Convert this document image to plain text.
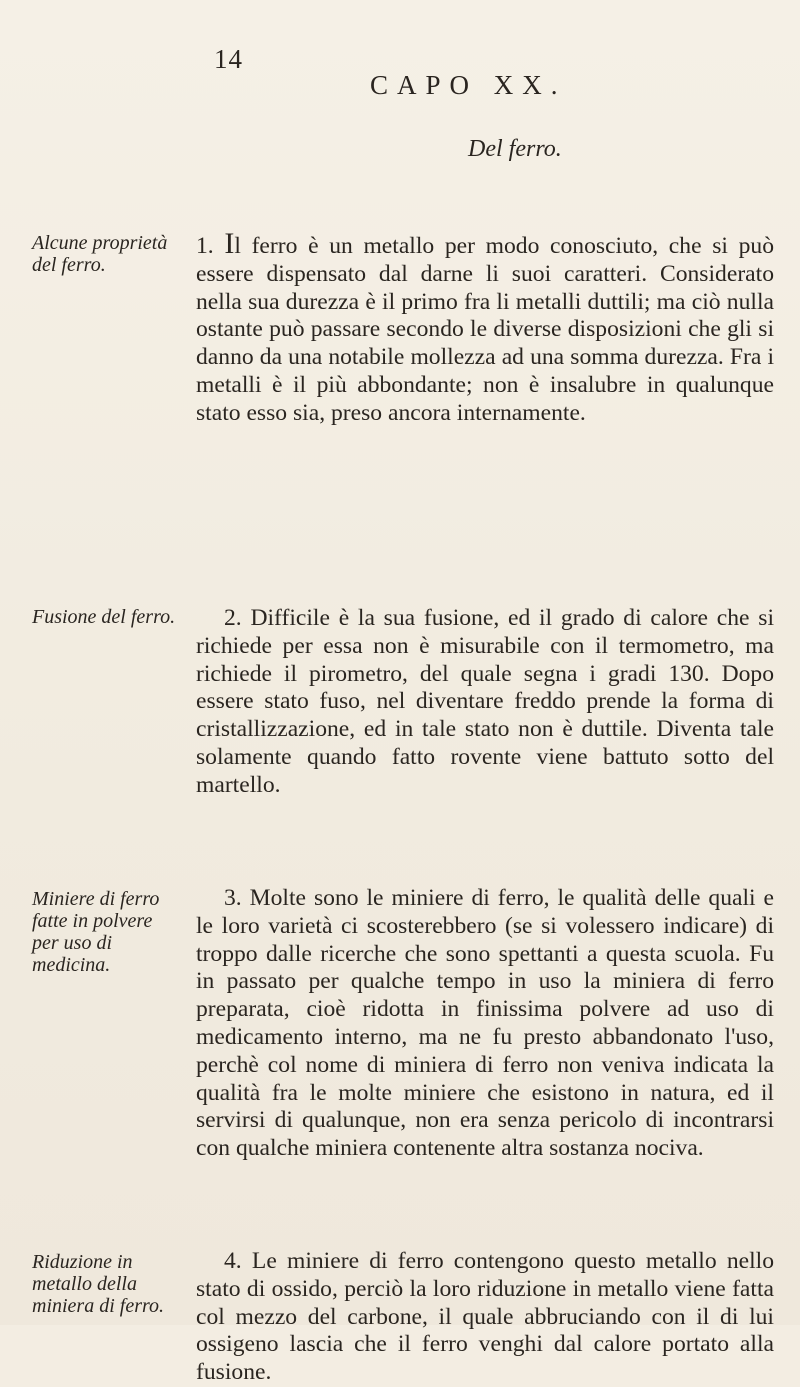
14
CAPO XX.
Del ferro.
Alcune proprietà del ferro.
Fusione del ferro.
Miniere di ferro fatte in polvere per uso di medicina.
Riduzione in metallo della miniera di ferro.

1. Il ferro è un metallo per modo conosciuto, che si può essere dispensato dal darne li suoi caratteri. Considerato nella sua durezza è il primo fra li metalli duttili; ma ciò nulla ostante può passare secondo le diverse disposizioni che gli si danno da una notabile mollezza ad una somma durezza. Fra i metalli è il più abbondante; non è insalubre in qualunque stato esso sia, preso ancora internamente.

2. Difficile è la sua fusione, ed il grado di calore che si richiede per essa non è misurabile con il termometro, ma richiede il pirometro, del quale segna i gradi 130. Dopo essere stato fuso, nel diventare freddo prende la forma di cristallizzazione, ed in tale stato non è duttile. Diventa tale solamente quando fatto rovente viene battuto sotto del martello.

3. Molte sono le miniere di ferro, le qualità delle quali e le loro varietà ci scosterebbero (se si volessero indicare) di troppo dalle ricerche che sono spettanti a questa scuola. Fu in passato per qualche tempo in uso la miniera di ferro preparata, cioè ridotta in finissima polvere ad uso di medicamento interno, ma ne fu presto abbandonato l'uso, perchè col nome di miniera di ferro non veniva indicata la qualità fra le molte miniere che esistono in natura, ed il servirsi di qualunque, non era senza pericolo di incontrarsi con qualche miniera contenente altra sostanza nociva.

4. Le miniere di ferro contengono questo metallo nello stato di ossido, perciò la loro riduzione in metallo viene fatta col mezzo del carbone, il quale abbruciando con il di lui ossigeno lascia che il ferro venghi dal calore portato alla fusione.
